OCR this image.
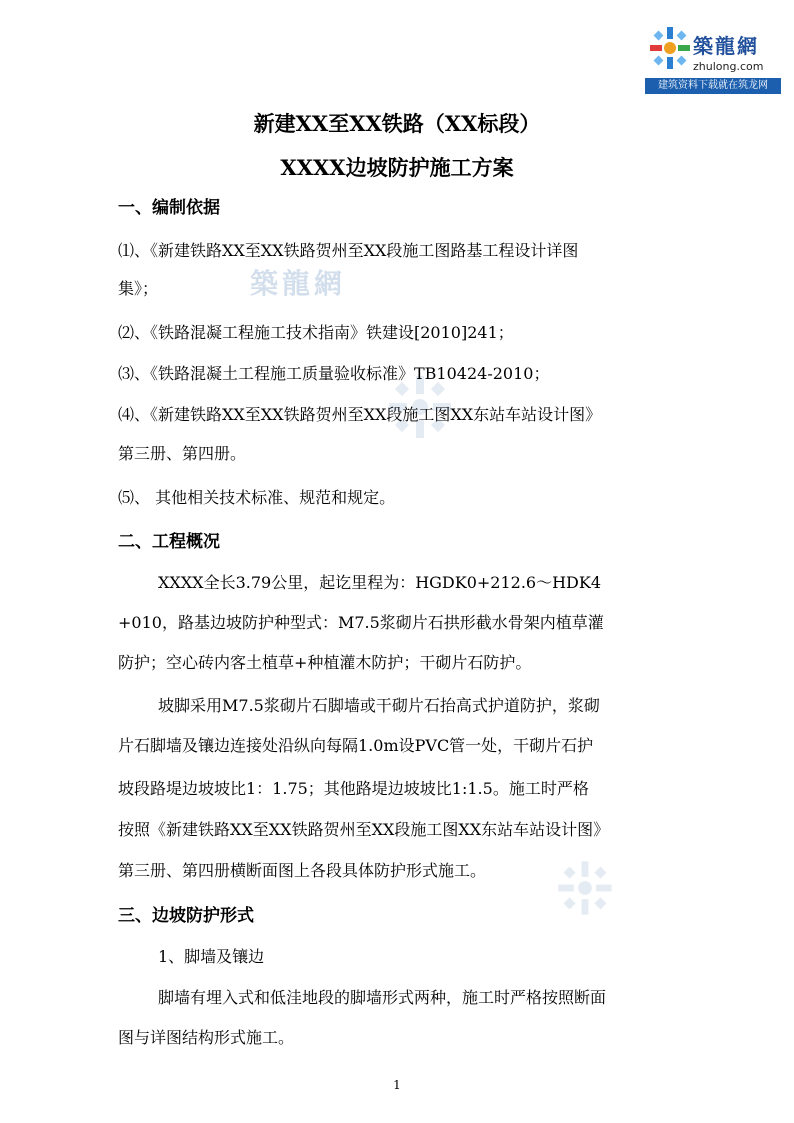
築龍網
zhulong.com
建筑资料下载就在筑龙网
築龍網
新建XX至XX铁路（XX标段）
XXXX边坡防护施工方案
一、编制依据
⑴、《新建铁路XX至XX铁路贺州至XX段施工图路基工程设计详图
集》；
⑵、《铁路混凝工程施工技术指南》铁建设[2010]241；
⑶、《铁路混凝土工程施工质量验收标准》TB10424-2010；
⑷、《新建铁路XX至XX铁路贺州至XX段施工图XX东站车站设计图》
第三册、第四册。
⑸、 其他相关技术标准、规范和规定。
二、工程概况
XXXX全长3.79公里，起讫里程为：HGDK0+212.6～HDK4
+010，路基边坡防护种型式：M7.5浆砌片石拱形截水骨架内植草灌
防护；空心砖内客土植草+种植灌木防护；干砌片石防护。
坡脚采用M7.5浆砌片石脚墙或干砌片石抬高式护道防护，浆砌
片石脚墙及镶边连接处沿纵向每隔1.0m设PVC管一处，干砌片石护
坡段路堤边坡坡比1：1.75；其他路堤边坡坡比1:1.5。施工时严格
按照《新建铁路XX至XX铁路贺州至XX段施工图XX东站车站设计图》
第三册、第四册横断面图上各段具体防护形式施工。
三、边坡防护形式
1、脚墙及镶边
脚墙有埋入式和低洼地段的脚墙形式两种，施工时严格按照断面
图与详图结构形式施工。
1
